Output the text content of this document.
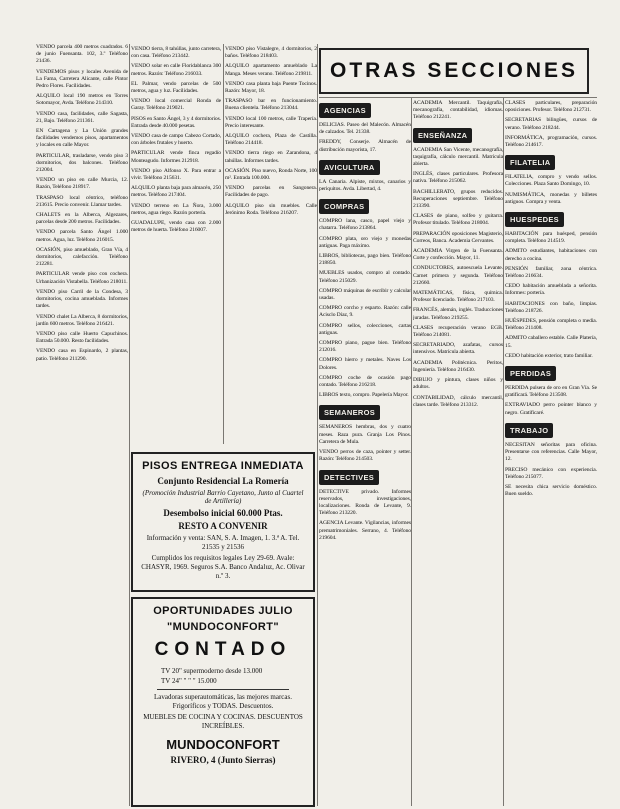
VENDO parcela 400 metros cuadrados. 6 de junio Fuensanta. 102, 3.º Teléfono 21436.
VENDEMOS pisos y locales Avenida de La Fama, Carretera Alicante, calle Pintor Pedro Flores. Facilidades.
ALQUILO local 190 metros en Torres Sotomayor, Avda. Teléfono 214310.
VENDO casa, facilidades, calle Sagasta, 21, Bajo. Teléfono 211361.
EN Cartagena y La Unión grandes facilidades vendemos pisos, apartamentos y locales en calle Mayor.
PARTICULAR, trasladarse, vendo piso 3 dormitorios, dos balcones. Teléfono 212004.
VENDO un piso en calle Murcia, 12. Razón, Teléfono 218917.
TRASPASO local céntrico, teléfono 213615. Precio convenir. Llamar tardes.
CHALETS en la Alberca, Algezares, parcelas desde 200 metros. Facilidades.
VENDO parcela Santo Ángel 1.000 metros. Agua, luz. Teléfono 216015.
OCASIÓN, piso amueblado, Gran Vía, 4 dormitorios, calefacción. Teléfono 212281.
PARTICULAR vende piso con cochera. Urbanización Vistabella. Teléfono 218011.
VENDO piso Carril de la Condesa, 3 dormitorios, cocina amueblada. Informes tardes.
VENDO chalet La Alberca, 8 dormitorios, jardín 600 metros. Teléfono 216421.
VENDO piso calle Huerto Capuchinos. Entrada 50.000. Resto facilidades.
VENDO casa en Espinardo, 2 plantas, patio. Teléfono 211290.
VENDO tierra, 8 tahúllas, junto carretera, con casa. Teléfono 213442.
VENDO solar en calle Floridablanca 300 metros. Razón: Teléfono 216033.
EL Palmar, vendo parcelas de 500 metros, agua y luz. Facilidades.
VENDO local comercial Ronda de Garay. Teléfono 219021.
PISOS en Santo Ángel, 3 y 4 dormitorios. Entrada desde 40.000 pesetas.
VENDO casa de campo Cabezo Cortado, con árboles frutales y huerto.
PARTICULAR vende finca regadío Monteagudo. Informes 212918.
VENDO piso Alfonso X. Para entrar a vivir. Teléfono 215631.
ALQUILO planta baja para almacén, 250 metros. Teléfono 217404.
VENDO terreno en La Ñora, 3.000 metros, agua riego. Razón portería.
GUADALUPE, vendo casa con 2.000 metros de huerta. Teléfono 216007.
VENDO piso Vistalegre, 4 dormitorios, 2 baños. Teléfono 218403.
ALQUILO apartamento amueblado La Manga. Meses verano. Teléfono 219811.
VENDO casa planta baja Puente Tocinos. Razón: Mayor, 18.
TRASPASO bar en funcionamiento. Buena clientela. Teléfono 213044.
VENDO local 100 metros, calle Trapería. Precio interesante.
ALQUILO cochera, Plaza de Castilla. Teléfono 214418.
VENDO tierra riego en Zarandona, 4 tahúllas. Informes tardes.
OCASIÓN. Piso nuevo, Ronda Norte, 100 m². Entrada 100.000.
VENDO parcelas en Sangonera. Facilidades de pago.
ALQUILO piso sin muebles. Calle Jerónimo Roda. Teléfono 216207.
OTRAS SECCIONES
AGENCIAS
DELICIAS. Paseo del Malecón. Almacén de calzados. Tel. 21338.
FREDDY, Conserje. Almacén de distribución mayorista, 17.
AVICULTURA
LA Canaria. Alpiste, mixtos, canarios y periquitos. Avda. Libertad, 4.
COMPRAS
COMPRO lana, casco, papel viejo y chatarra. Teléfono 213864.
COMPRO plata, oro viejo y monedas antiguas. Paga máximo.
LIBROS, bibliotecas, pago bien. Teléfono 218850.
MUEBLES usados, compro al contado. Teléfono 215029.
COMPRO máquinas de escribir y calcular usadas.
COMPRO corcho y esparto. Razón: calle Acisclo Díaz, 9.
COMPRO sellos, colecciones, cartas antiguas.
COMPRO piano, pague bien. Teléfono 212016.
COMPRO hierro y metales. Naves Los Dolores.
COMPRO coche de ocasión pago contado. Teléfono 216218.
LIBROS texto, compro. Papelería Mayor.
SEMANEROS
SEMANEROS hembras, dos y cuatro meses. Raza pura. Granja Los Pinos. Carretera de Mula.
VENDO perros de caza, pointer y setter. Razón: Teléfono 214503.
DETECTIVES
DETECTIVE privado. Informes reservados, investigaciones, localizaciones. Ronda de Levante, 9. Teléfono 213220.
AGENCIA Levante. Vigilancias, informes prematrimoniales. Serrano, 4. Teléfono 219604.
ACADEMIA Mercantil. Taquigrafía, mecanografía, contabilidad, idiomas. Teléfono 212241.
ENSEÑANZA
ACADEMIA San Vicente, mecanografía, taquigrafía, cálculo mercantil. Matrícula abierta.
INGLÉS, clases particulares. Profesora nativa. Teléfono 215062.
BACHILLERATO, grupos reducidos. Recuperaciones septiembre. Teléfono 213390.
CLASES de piano, solfeo y guitarra. Profesor titulado. Teléfono 218004.
PREPARACIÓN oposiciones Magisterio, Correos, Banca. Academia Cervantes.
ACADEMIA Virgen de la Fuensanta. Corte y confección. Mayor, 11.
CONDUCTORES, autoescuela Levante. Carnet primera y segunda. Teléfono 212660.
MATEMÁTICAS, física, química. Profesor licenciado. Teléfono 217103.
FRANCÉS, alemán, inglés. Traducciones juradas. Teléfono 219255.
CLASES recuperación verano EGB. Teléfono 214081.
SECRETARIADO, azafatas, cursos intensivos. Matrícula abierta.
ACADEMIA Politécnica. Peritos, Ingeniería. Teléfono 216430.
DIBUJO y pintura, clases niños y adultos.
CONTABILIDAD, cálculo mercantil, clases tarde. Teléfono 213312.
CLASES particulares, preparación oposiciones. Profesor. Teléfono 212731.
SECRETARIAS bilingües, cursos de verano. Teléfono 218244.
INFORMÁTICA, programación, cursos. Teléfono 214617.
FILATELIA
FILATELIA, compro y vendo sellos. Colecciones. Plaza Santo Domingo, 10.
NUMISMÁTICA, monedas y billetes antiguos. Compra y venta.
HUESPEDES
HABITACIÓN para huésped, pensión completa. Teléfono 214519.
ADMITO estudiantes, habitaciones con derecho a cocina.
PENSIÓN familiar, zona céntrica. Teléfono 216634.
CEDO habitación amueblada a señorita. Informes: portería.
HABITACIONES con baño, limpias. Teléfono 218726.
HUÉSPEDES, pensión completa o media. Teléfono 211408.
ADMITO caballero estable. Calle Platería, 15.
CEDO habitación exterior, trato familiar.
PERDIDAS
PERDIDA pulsera de oro en Gran Vía. Se gratificará. Teléfono 213508.
EXTRAVIADO perro pointer blanco y negro. Gratificaré.
TRABAJO
NECESITAN señoritas para oficina. Presentarse con referencias. Calle Mayor, 12.
PRECISO mecánico con experiencia. Teléfono 215077.
SE necesita chica servicio doméstico. Buen sueldo.
PISOS ENTREGA INMEDIATA
Conjunto Residencial La Romería
(Promoción Industrial Barrio Cayetano, Junto al Cuartel de Artillería)
Desembolso inicial 60.000 Ptas.
RESTO A CONVENIR
Información y venta: SAN, S. A. Imagen, 1. 3.ª A. Tel. 21535 y 21536
Cumplidos los requisitos legales Ley 29-69. Avale: CHASYR, 1969. Seguros S.A. Banco Andaluz, Ac. Olivar n.º 3.
OPORTUNIDADES JULIO
"MUNDOCONFORT"
CONTADO
TV 20" supermoderno desde 13.000
TV 24" " " " 15.000
Lavadoras superautomáticas, las mejores marcas. Frigoríficos y TODAS. Descuentos.
MUEBLES DE COCINA Y COCINAS. DESCUENTOS INCREÍBLES.
MUNDOCONFORT
RIVERO, 4 (Junto Sierras)
